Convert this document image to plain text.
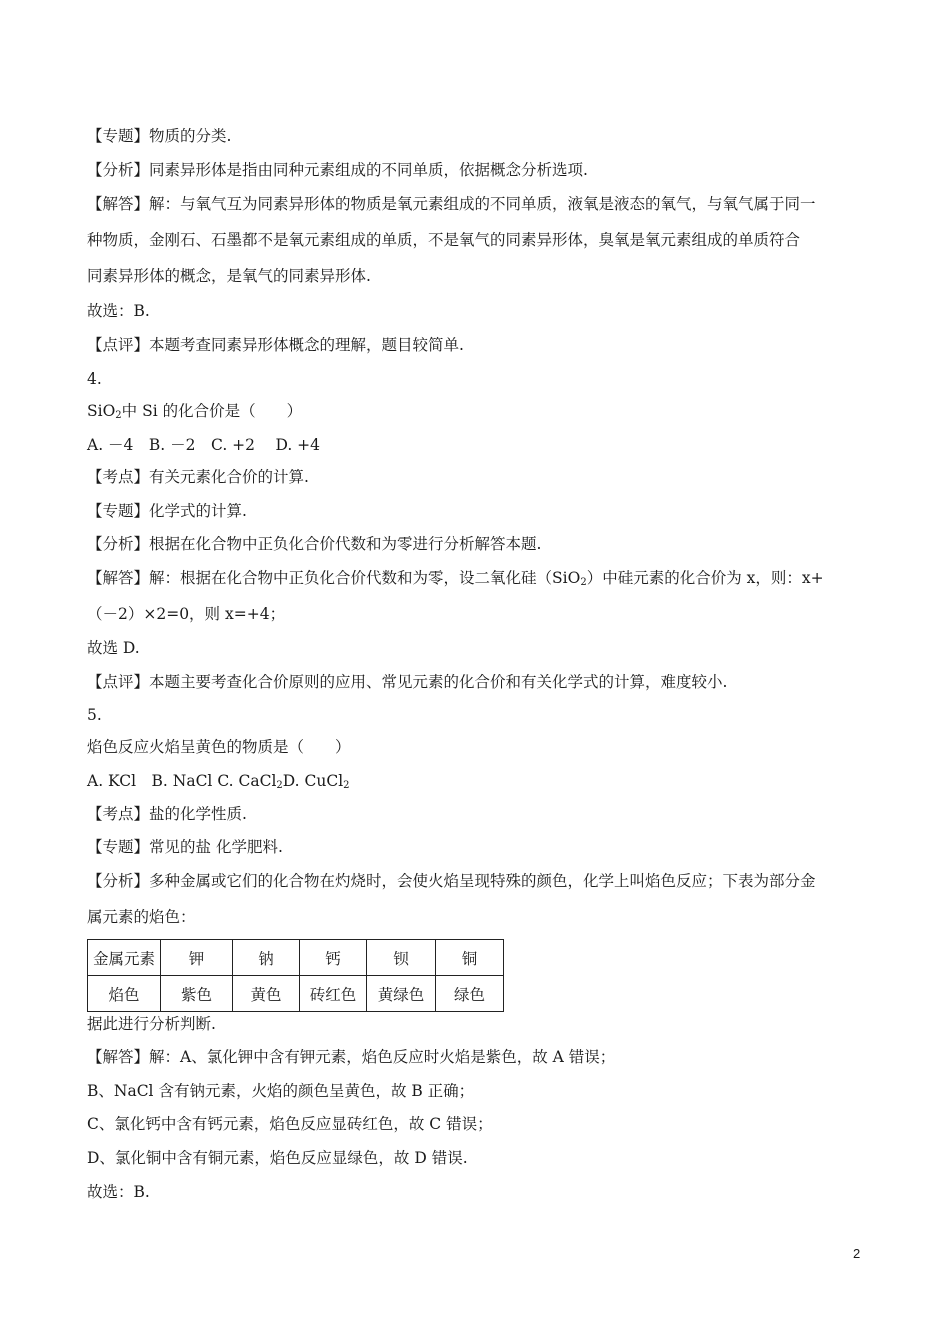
【专题】物质的分类.
【分析】同素异形体是指由同种元素组成的不同单质，依据概念分析选项.
【解答】解：与氧气互为同素异形体的物质是氧元素组成的不同单质，液氧是液态的氧气，与氧气属于同一
种物质，金刚石、石墨都不是氧元素组成的单质，不是氧气的同素异形体，臭氧是氧元素组成的单质符合
同素异形体的概念，是氧气的同素异形体.
故选：B.
【点评】本题考查同素异形体概念的理解，题目较简单.
4.
SiO$_2$中 Si 的化合价是（　　）
A. －4　B. －2　C. +2　 D. +4
【考点】有关元素化合价的计算.
【专题】化学式的计算.
【分析】根据在化合物中正负化合价代数和为零进行分析解答本题.
【解答】解：根据在化合物中正负化合价代数和为零，设二氧化硅（SiO$_2$）中硅元素的化合价为 x，则：x+
（－2）×2=0，则 x=+4；
故选 D.
【点评】本题主要考查化合价原则的应用、常见元素的化合价和有关化学式的计算，难度较小.
5.
焰色反应火焰呈黄色的物质是（　　）
A. KCl　B. NaCl C. CaCl$_2$D. CuCl$_2$
【考点】盐的化学性质.
【专题】常见的盐 化学肥料.
【分析】多种金属或它们的化合物在灼烧时，会使火焰呈现特殊的颜色，化学上叫焰色反应；下表为部分金
属元素的焰色：
金属元素	钾	钠	钙	钡	铜
焰色	紫色	黄色	砖红色	黄绿色	绿色
据此进行分析判断.
【解答】解：A、氯化钾中含有钾元素，焰色反应时火焰是紫色，故 A 错误；
B、NaCl 含有钠元素，火焰的颜色呈黄色，故 B 正确；
C、氯化钙中含有钙元素，焰色反应显砖红色，故 C 错误；
D、氯化铜中含有铜元素，焰色反应显绿色，故 D 错误.
故选：B.
2
